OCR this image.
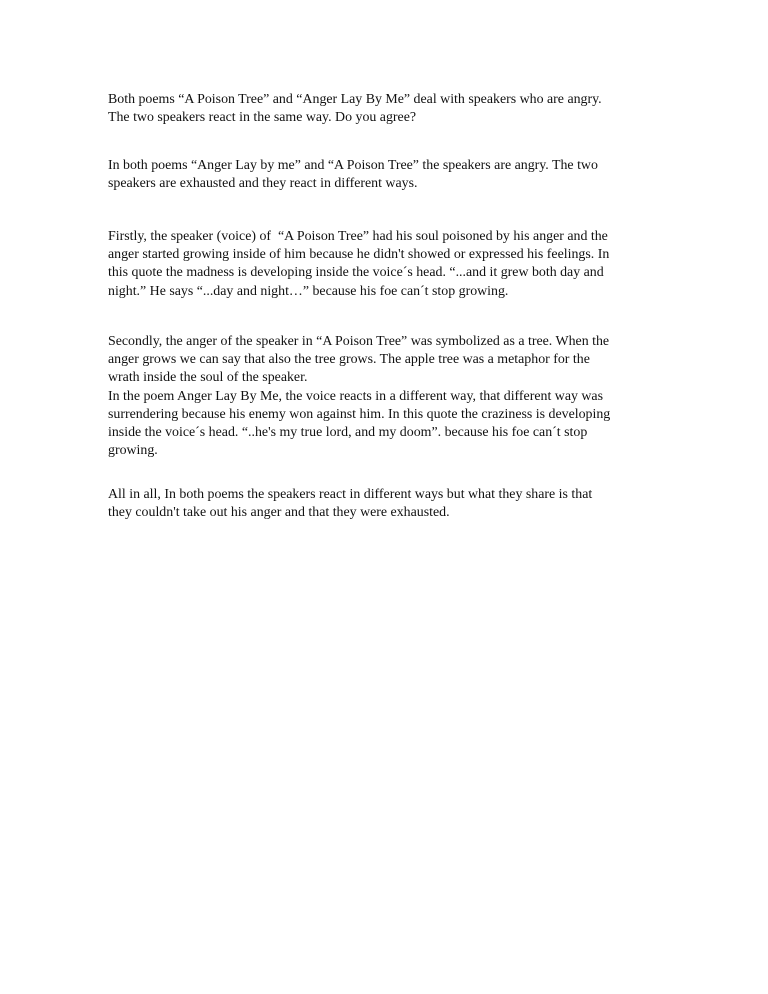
Both poems “A Poison Tree” and “Anger Lay By Me” deal with speakers who are angry.
The two speakers react in the same way. Do you agree?
In both poems “Anger Lay by me” and “A Poison Tree” the speakers are angry. The two
speakers are exhausted and they react in different ways.
Firstly, the speaker (voice) of  “A Poison Tree” had his soul poisoned by his anger and the
anger started growing inside of him because he didn't showed or expressed his feelings. In
this quote the madness is developing inside the voice´s head. “...and it grew both day and
night.” He says “...day and night…” because his foe can´t stop growing.
Secondly, the anger of the speaker in “A Poison Tree” was symbolized as a tree. When the
anger grows we can say that also the tree grows. The apple tree was a metaphor for the
wrath inside the soul of the speaker.
In the poem Anger Lay By Me, the voice reacts in a different way, that different way was
surrendering because his enemy won against him. In this quote the craziness is developing
inside the voice´s head. “..he's my true lord, and my doom”. because his foe can´t stop
growing.
All in all, In both poems the speakers react in different ways but what they share is that
they couldn't take out his anger and that they were exhausted.
